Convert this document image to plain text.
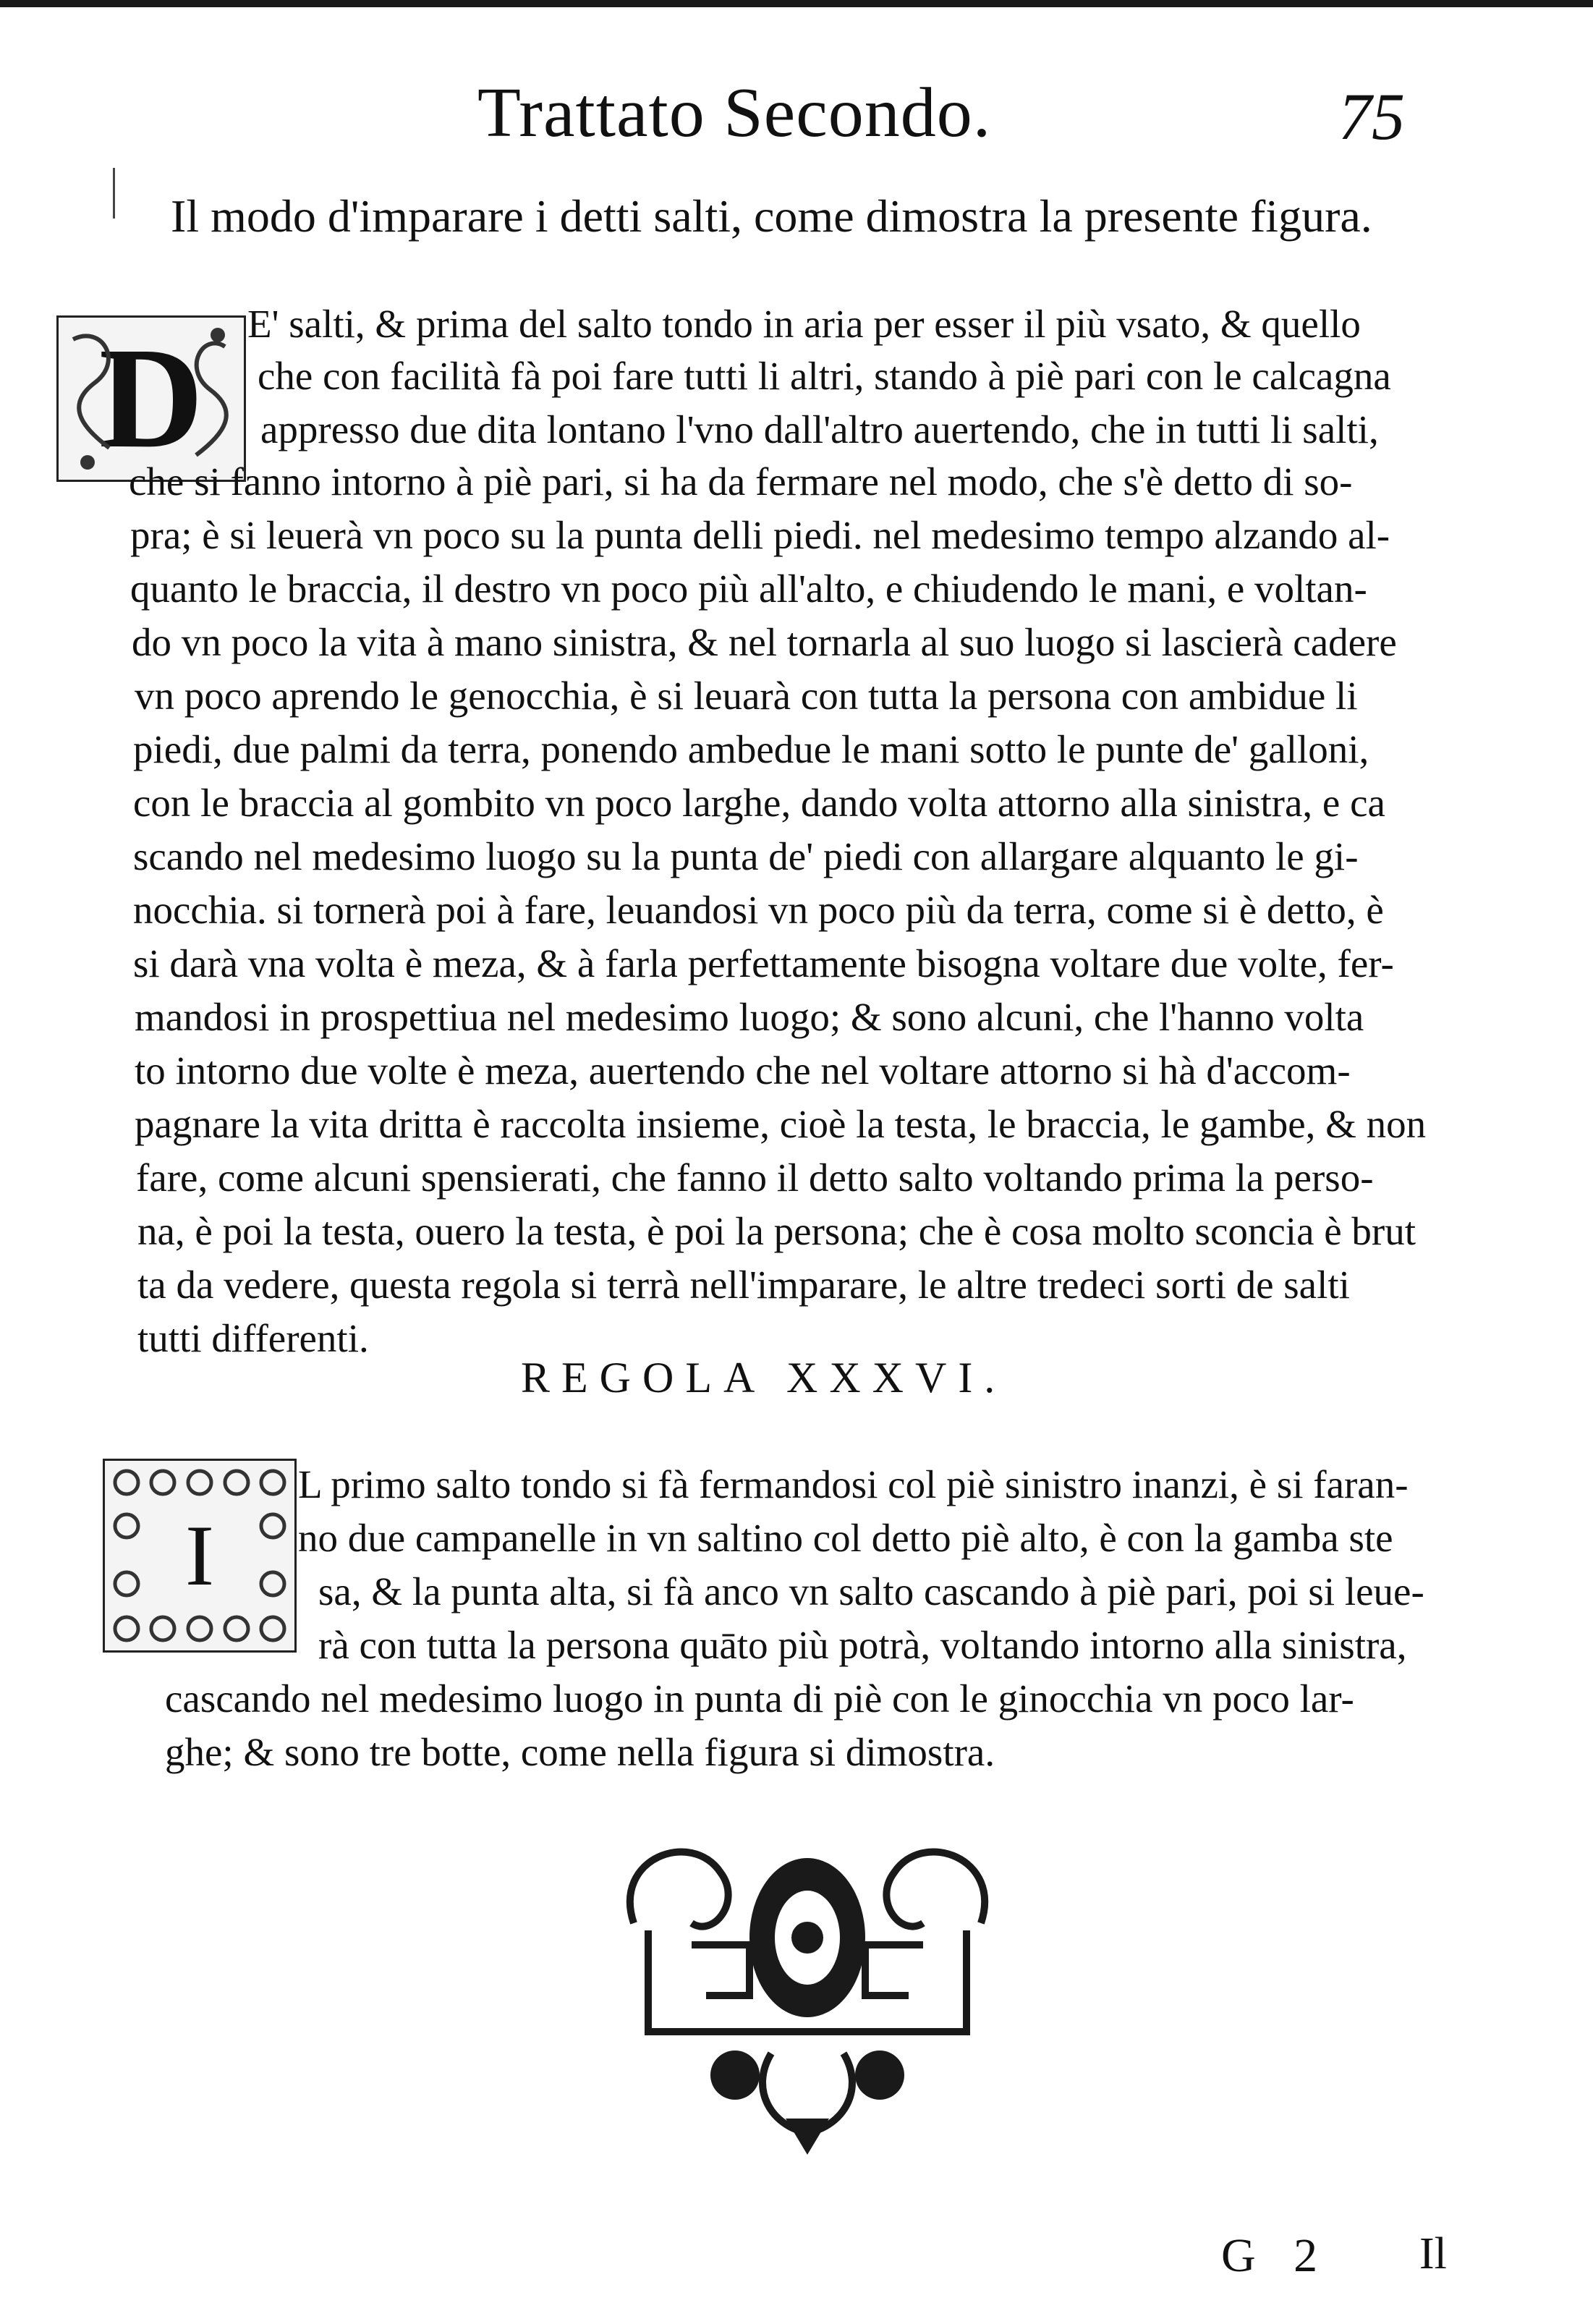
Trattato Secondo.	75
Il modo d'imparare i detti salti, come dimostra la presente figura.
D E' salti, & prima del salto tondo in aria per esser il più vsato, & quello
che con facilità fà poi fare tutti li altri, stando à piè pari con le calcagna
appresso due dita lontano l'vno dall'altro auertendo, che in tutti li salti,
che si fanno intorno à piè pari, si ha da fermare nel modo, che s'è detto di so-
pra; è si leuerà vn poco su la punta delli piedi. nel medesimo tempo alzando al-
quanto le braccia, il destro vn poco più all'alto, e chiudendo le mani, e voltan-
do vn poco la vita à mano sinistra, & nel tornarla al suo luogo si lascierà cadere
vn poco aprendo le genocchia, è si leuarà con tutta la persona con ambidue li
piedi, due palmi da terra, ponendo ambedue le mani sotto le punte de' galloni,
con le braccia al gombito vn poco larghe, dando volta attorno alla sinistra, e ca
scando nel medesimo luogo su la punta de' piedi con allargare alquanto le gi-
nocchia. si tornerà poi à fare, leuandosi vn poco più da terra, come si è detto, è
si darà vna volta è meza, & à farla perfettamente bisogna voltare due volte, fer-
mandosi in prospettiua nel medesimo luogo; & sono alcuni, che l'hanno volta
to intorno due volte è meza, auertendo che nel voltare attorno si hà d'accom-
pagnare la vita dritta è raccolta insieme, cioè la testa, le braccia, le gambe, & non
fare, come alcuni spensierati, che fanno il detto salto voltando prima la perso-
na, è poi la testa, ouero la testa, è poi la persona; che è cosa molto sconcia è brut
ta da vedere, questa regola si terrà nell'imparare, le altre tredeci sorti de salti
tutti differenti.
REGOLA XXXVI.
I
L primo salto tondo si fà fermandosi col piè sinistro inanzi, è si faran-
no due campanelle in vn saltino col detto piè alto, è con la gamba ste
sa, & la punta alta, si fà anco vn salto cascando à piè pari, poi si leue-
rà con tutta la persona quāto più potrà, voltando intorno alla sinistra,
cascando nel medesimo luogo in punta di piè con le ginocchia vn poco lar-
ghe; & sono tre botte, come nella figura si dimostra.
G 2 Il
